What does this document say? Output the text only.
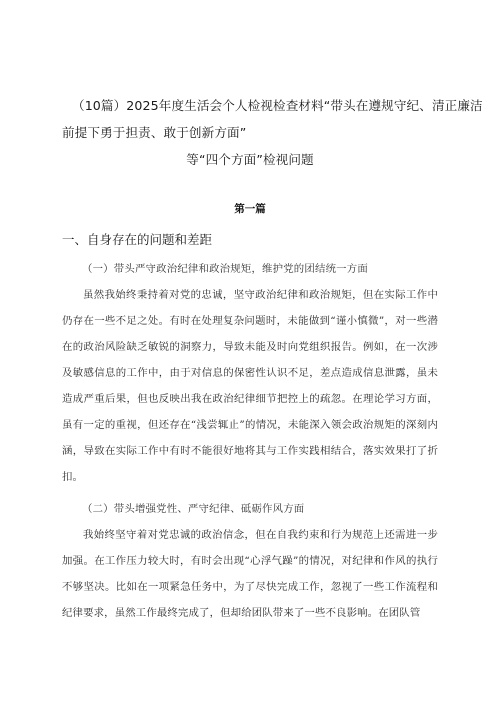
（10篇）2025年度生活会个人检视检查材料“带头在遵规守纪、清正廉洁
前提下勇于担责、敢于创新方面”
等“四个方面”检视问题
第一篇
一、自身存在的问题和差距
（一）带头严守政治纪律和政治规矩，维护党的团结统一方面
虽然我始终秉持着对党的忠诚，坚守政治纪律和政治规矩，但在实际工作中仍存在一些不足之处。有时在处理复杂问题时，未能做到“谨小慎微”，对一些潜在的政治风险缺乏敏锐的洞察力，导致未能及时向党组织报告。例如，在一次涉及敏感信息的工作中，由于对信息的保密性认识不足，差点造成信息泄露，虽未造成严重后果，但也反映出我在政治纪律细节把控上的疏忽。在理论学习方面，虽有一定的重视，但还存在“浅尝辄止”的情况，未能深入领会政治规矩的深刻内涵，导致在实际工作中有时不能很好地将其与工作实践相结合，落实效果打了折扣。
（二）带头增强党性、严守纪律、砥砺作风方面
我始终坚守着对党忠诚的政治信念，但在自我约束和行为规范上还需进一步加强。在工作压力较大时，有时会出现“心浮气躁”的情况，对纪律和作风的执行不够坚决。比如在一项紧急任务中，为了尽快完成工作，忽视了一些工作流程和纪律要求，虽然工作最终完成了，但却给团队带来了一些不良影响。在团队管
